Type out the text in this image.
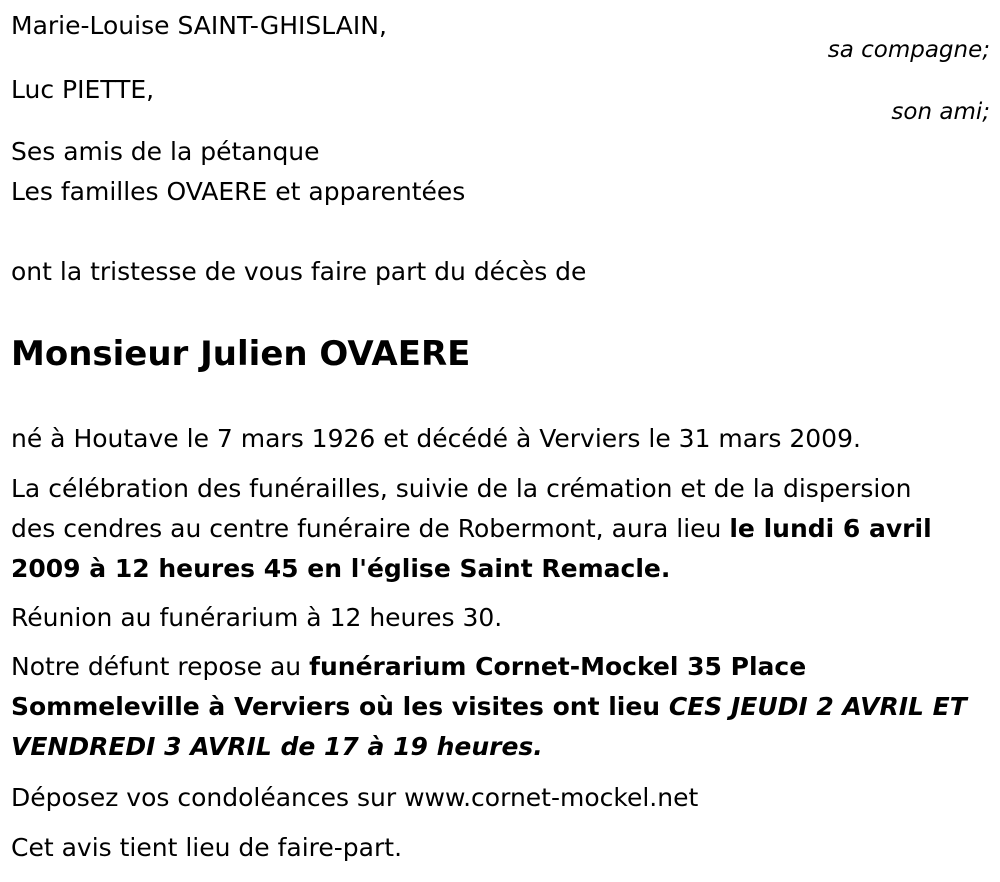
Marie-Louise SAINT-GHISLAIN,
sa compagne;
Luc PIETTE,
son ami;
Ses amis de la pétanque
Les familles OVAERE et apparentées
ont la tristesse de vous faire part du décès de
Monsieur Julien OVAERE
né à Houtave le 7 mars 1926 et décédé à Verviers le 31 mars 2009.
La célébration des funérailles, suivie de la crémation et de la dispersion
des cendres au centre funéraire de Robermont, aura lieu le lundi 6 avril
2009 à 12 heures 45 en l'église Saint Remacle.
Réunion au funérarium à 12 heures 30.
Notre défunt repose au funérarium Cornet-Mockel 35 Place
Sommeleville à Verviers où les visites ont lieu CES JEUDI 2 AVRIL ET
VENDREDI 3 AVRIL de 17 à 19 heures.
Déposez vos condoléances sur www.cornet-mockel.net
Cet avis tient lieu de faire-part.
